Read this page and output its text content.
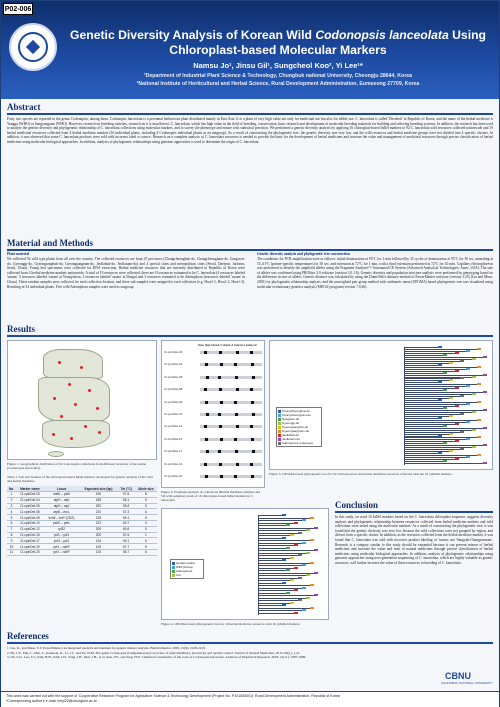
P02-006
Genetic Diversity Analysis of Korean Wild Codonopsis lanceolata Using
Chloroplast-based Molecular Markers
Namsu Jo¹, Jinsu Gil¹, Sungcheol Koo², Yi Lee¹*
¹Department of Industrial Plant Science & Technology, Chungbuk national University, Cheongju 28644, Korea
²National Institute of Horticultural and Herbal Science, Rural Development Administration, Eumseong 27709, Korea
Abstract
Forty two species are reported in the genus Codonopsis, among them, Codonopsis lanceolata is a perennial herbaceous plant distributed mainly in East Asia. It is a plant of very high value not only for medicinal use but also for edible use. C. lanceolata is called 'Deodeok' in Republic of Korea, and the name of the herbal medicine is Yanggu (WHO) or Sangyangsam (WHO). However, research on breeding varieties, research on it is insufficient. C. lanceolata, which has high value in the field of breeding, conservation, basic research and development of molecular breeding materials for building and selecting breeding systems. In addition, the research has been used to analyze the genetic diversity and phylogenetic relationship of C. lanceolata collections using molecular markers, and to survey the phenotype and ensure with statistical precision. We performed a genetic diversity analysis by applying 16 chloroplast-based InDel markers to 92 C. lanceolata wild resources collected nationwide and 19 herbal medicinal resources collected from 4 herbal medicine markets (16 individual plants, including 4 Codonopsis individual plants as an outgroup). As a result of constructing the phylogenetic tree, the genetic diversity was very low, and the wild resources and herbal medicine groups were not divided into 4 specific clusters. In addition, it was observed that some C. lanceolata products were sold with incorrect label or source. Research on a complete analysis of C. lanceolata resources is needed to provide the basis for the development of herbal medicines and increase the value and management of medicinal resources through precise classification of herbal medicines using molecular biological approaches. In addition, analysis of phylogenetic relationships using genomic approaches is used to determine the origin of C. lanceolata.
Material and Methods
Plant material
We collected 92 wild type plants from all over the country. The collected resources are from 47 provinces (Chungcheongbuk-do, Chungcheongnam-do, Gangwon-do, Gyeonggi-do, Gyeongsangbuk-do, Gyeongsangnam-do, Jeollabuk-do, Jeollanam-do) and 4 special cities and metropolitan cities (Seoul, Daejeon, Incheon, Seoul, Ulsan). Young leaf specimens were collected for DNA extraction. Herbal medicine resources that are currently distributed in Republic of Korea were collected from 4 herbal medicine markets nationwide. A total of 19 resources were collected, there are 16 resources estimated to be C. lanceolata (4 resources labeled 'sasam,' 3 resources labeled 'sasam' at Yeongcheon, 3 resources labeled 'sasam' at Daegu) and 3 resources estimated to be Adenophora (resources labeled 'sasam' in China). These random samples were collected for each collection location, and three sub-samples were assigned to each collection (e.g. Hwa1-1, Hwa1-2, Hwa1-3). Resulting in 54 individual plants. Five wild Adenophora samples were used as outgroup.
Genetic diversity analysis and phylogenetic tree construction
The conditions for PCR amplification were as follows: initial denaturation at 95°C for 3 min followed by 35 cycles of denaturation at 95°C for 30 sec, annealing at 55–61°C (primer-specific temperature) for 30 sec, and extension at 72°C for 1 min, with a final extension performed at 72°C for 10 min. Capillary electrophoresis was performed to identify the amplified alleles using the Fragment Analyzer™ Automated CE System (Advanced Analytical Technologies, Ames, USA). The size of alleles was confirmed using PROSize 3.0 software (version 3.0.1.6). Genetic diversity and population structure analysis were performed by genotyping based on the difference in size of alleles. Genetic distance was calculated by using the Dunn/Nelei distance method of PowerMarker software (version 3.25) (Liu and Muse, 2005) for phylogenetic relationship analysis, and the unweighted pair group method with arithmetic mean (UPGMA) based phylogenetic tree was visualized using molecular evolutionary genetics analysis (MEGA) program (version 7.0.26).
Results
Figure 1. Geographical distribution of 92 Codonopsis collections from different locations of the nation (Codonopsis lanceolata).
Table 1. List and features of the chloroplast-based InDel markers developed for genetic analysis of the wild and herbal medicine
No.	Marker name	Locus	Expected size (bp)	Tm (°C)	Allele size
1	Cl-cpInDel-03	matK – psbI	190	57.6	8
2	Cl-cpInDel-04	atpH – atpI	185	55.1	6
3	Cl-cpInDel-05	atpH – atpI	200	55.8	5
4	Cl-cpInDel-08	atpB – rbcL	210	57.3	6
5	Cl-cpInDel-09	trnW – trnP (CDS)	228	69.1	5
6	Cl-cpInDel-10	psbE – petL	222	60.7	4
7	Cl-cpInDel-12	rpl32	200	60.6	5
8	Cl-cpInDel-15	ycf1 – ycf1	200	57.6	1
9	Cl-cpInDel-17	ycf3 – ycf1	134	59.1	5
10	Cl-cpInDel-19	ycf1 – ndhF	109	57.7	9
11	Cl-cpInDel-20	ycf1 – ndhF	115	56.7	6
Size (bp) Hwa1-1 Hwa1-2 Adeno1 Adeno2
Cl-cpInDel-03
Cl-cpInDel-04
Cl-cpInDel-05
Cl-cpInDel-08
Cl-cpInDel-09
Cl-cpInDel-10
Cl-cpInDel-12
Cl-cpInDel-15
Cl-cpInDel-17
Cl-cpInDel-19
Cl-cpInDel-20
Figure 2. Fragment analysis of collections (Herbal medicine samples and 5th wild samples) result of 16 chloroplast-based InDel markers in C. lanceolata.
Chungcheongbuk-do
Chungcheongnam-do
Gangwon-do
Gyeonggi-do
Gyeongsangbuk-do
Gyeongsangnam-do
Jeollabuk-do
Jeollanam-do
Adenophora (outgroup)
Figure 3. UPGMA-based phylogenetic tree for 92 wild resources and herbal medicine resources collected with the 16 cpInDel markers.
Herbal market
Wild (Korea)
Adenophora
Out
Figure 4. UPGMA-based phylogenetic tree for 16 herbal medicine resources with 16 cpInDel markers.
Conclusion
In this study, we used 16 InDel markers based on the C. lanceolata chloroplast sequence, suggests diversity analysis and phylogenetic relationship between resources collected from herbal medicine markets and wild collections were tested using the molecular markers. As a result of constructing the phylogenetic tree, it was found that the genetic diversity was very low because the wild collections were not grouped by region, and did not form a specific cluster. In addition, as the resources collected from the herbal medicine market, it was found that C. lanceolata was sold with incorrect product labeling or 'sasam, not 'Sangyak-Chungsamsam'. Research is a category similar to this study should be expanded because it can prevent misuse of herbal medicines and increase the value and trust of natural medicines through precise classification of herbal medicines using molecular biological approaches. In addition, analysis of phylogenetic relationships using genomic approaches using next-generation sequencing of C. lanceolata, which are highly valuable as genetic resources, will further increase the value of these resources in breeding of C. lanceolata.
References
1. Liu, K., and Muse, S.V. PowerMarker: an integrated analysis environment for genetic marker analysis. Bioinformatics. 2005, 21(9): 2128-2129.
2. Ha, J.Y., Yuk, J., Zhai, S., Kennedy, K., Li, J.T., and Yu, W.M. The genus Codonopsis (Campanulaceae): A review of phytochemistry, bioactivity and quality control. Journal of Natural Medicines. 2015, 69(1), 1-21.
3. Oh, S.O., Lee, Y.J., Kim, H.H., Kim, J.H., Yang, J.H., Kim, J.H., et al. Sun, J.H., and Jung, H.N. Chemical Constituents of the roots of Codonopsis lanceolata. Archives of Pharmacal Research. 2018, 41(11): 1087-1089.
CBNU
CHUNGBUK NATIONAL UNIVERSITY
This work was carried out with the support of 'Cooperative Research Program for Agriculture Science & Technology Development (Project No. PJ01083001)' Rural Development Administration, Republic of Korea
*Corresponding author's e-mail: leeyi22@chungbuk.ac.kr
